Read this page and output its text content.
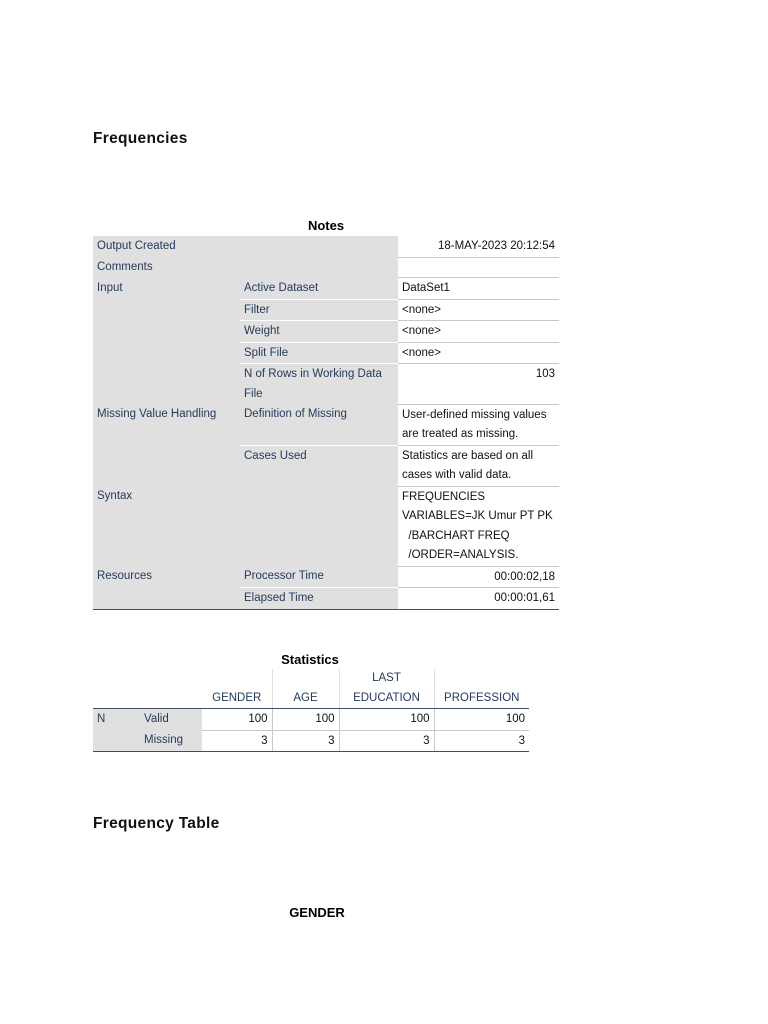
Frequencies
Notes
Output Created		18-MAY-2023 20:12:54
Comments		
Input	Active Dataset	DataSet1
	Filter	<none>
	Weight	<none>
	Split File	<none>
	N of Rows in Working Data File	103
Missing Value Handling	Definition of Missing	User-defined missing values are treated as missing.
	Cases Used	Statistics are based on all cases with valid data.
Syntax		FREQUENCIES VARIABLES=JK Umur PT PK
/BARCHART FREQ
/ORDER=ANALYSIS.
Resources	Processor Time	00:00:02,18
	Elapsed Time	00:00:01,61
Statistics
		GENDER	AGE	LAST EDUCATION	PROFESSION
N	Valid	100	100	100	100
	Missing	3	3	3	3
Frequency Table
GENDER
